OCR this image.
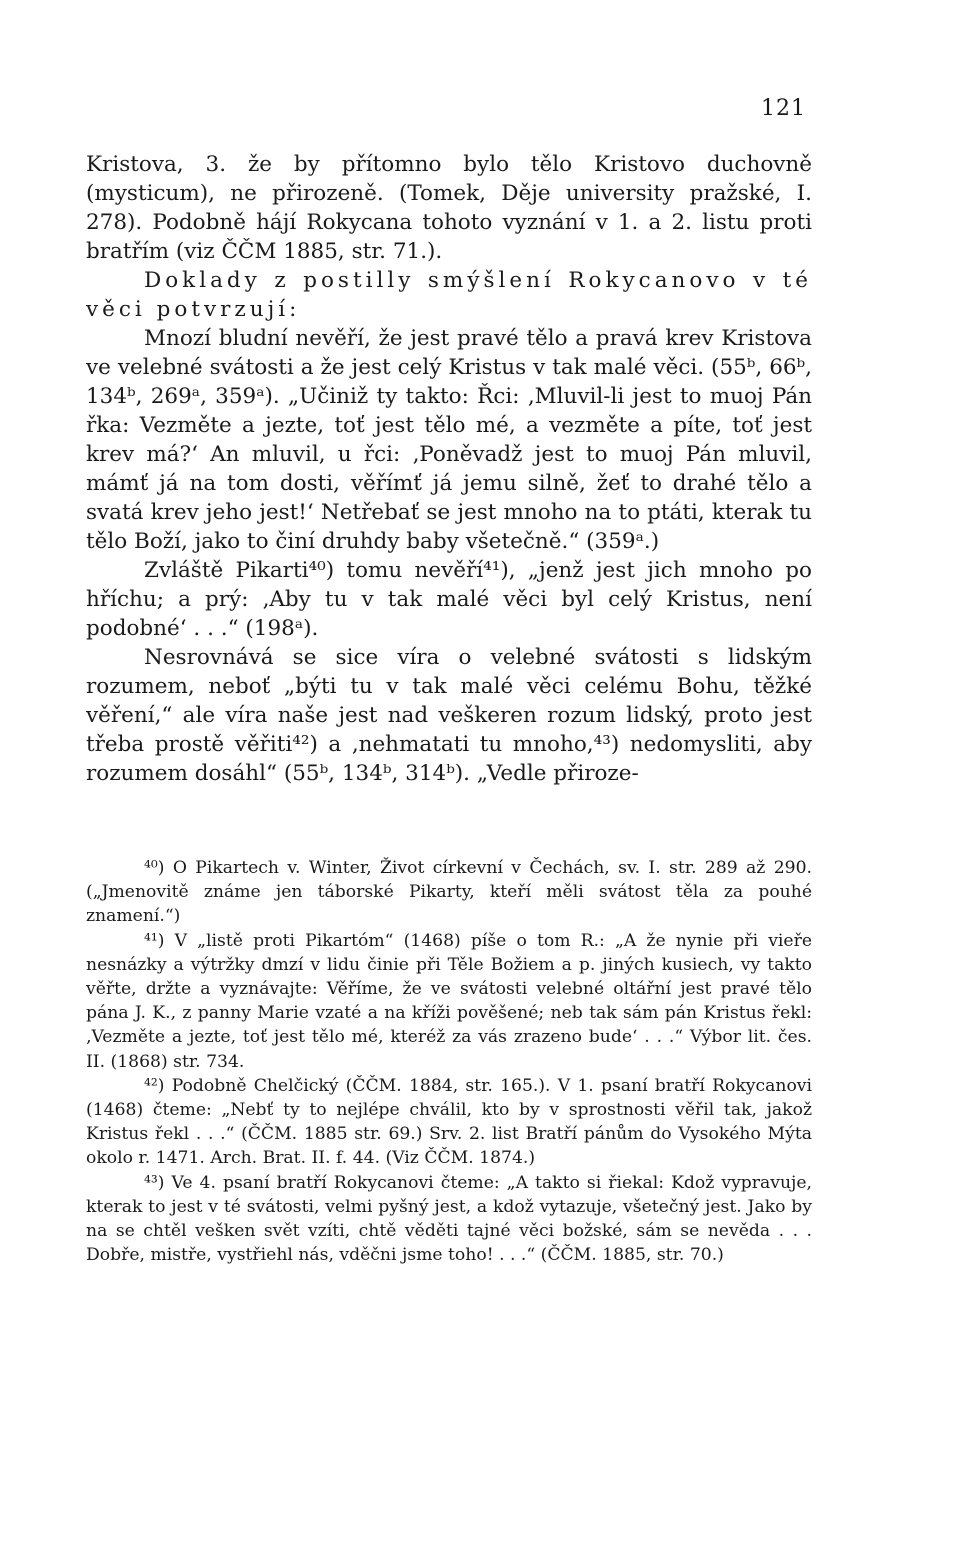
121

Kristova, 3. že by přítomno bylo tělo Kristovo duchovně (mysticum), ne přirozeně. (Tomek, Děje university pražské, I. 278). Podobně hájí Rokycana tohoto vyznání v 1. a 2. listu proti bratřím (viz ČČM 1885, str. 71.).

Doklady z postilly smýšlení Rokycanovo v té věci potvrzují:

Mnozí bludní nevěří, že jest pravé tělo a pravá krev Kristova ve velebné svátosti a že jest celý Kristus v tak malé věci. (55ᵇ, 66ᵇ, 134ᵇ, 269ᵃ, 359ᵃ). „Učiniž ty takto: Řci: ‚Mluvil-li jest to muoj Pán řka: Vezměte a jezte, toť jest tělo mé, a vezměte a píte, toť jest krev má?‘ An mluvil, u řci: ‚Poněvadž jest to muoj Pán mluvil, mámť já na tom dosti, věřímť já jemu silně, žeť to drahé tělo a svatá krev jeho jest!‘ Netřebať se jest mnoho na to ptáti, kterak tu tělo Boží, jako to činí druhdy baby všetečně.“ (359ᵃ.)

Zvláště Pikarti⁴⁰) tomu nevěří⁴¹), „jenž jest jich mnoho po hříchu; a prý: ‚Aby tu v tak malé věci byl celý Kristus, není podobné‘ . . .“ (198ᵃ).

Nesrovnává se sice víra o velebné svátosti s lidským rozumem, neboť „býti tu v tak malé věci celému Bohu, těžké věření,“ ale víra naše jest nad veškeren rozum lidský, proto jest třeba prostě věřiti⁴²) a ‚nehmatati tu mnoho,⁴³) nedomysliti, aby rozumem dosáhl“ (55ᵇ, 134ᵇ, 314ᵇ). „Vedle přiroze-

⁴⁰) O Pikartech v. Winter, Život církevní v Čechách, sv. I. str. 289 až 290. („Jmenovitě známe jen táborské Pikarty, kteří měli svátost těla za pouhé znamení.“)

⁴¹) V „listě proti Pikartóm“ (1468) píše o tom R.: „A že nynie při vieře nesnázky a výtržky dmzí v lidu činie při Těle Božiem a p. jiných kusiech, vy takto věřte, držte a vyznávajte: Věříme, že ve svátosti velebné oltářní jest pravé tělo pána J. K., z panny Marie vzaté a na kříži pověšené; neb tak sám pán Kristus řekl: ‚Vezměte a jezte, toť jest tělo mé, kteréž za vás zrazeno bude‘ . . .“ Výbor lit. čes. II. (1868) str. 734.

⁴²) Podobně Chelčický (ČČM. 1884, str. 165.). V 1. psaní bratří Rokycanovi (1468) čteme: „Nebť ty to nejlépe chválil, kto by v sprostnosti věřil tak, jakož Kristus řekl . . .“ (ČČM. 1885 str. 69.) Srv. 2. list Bratří pánům do Vysokého Mýta okolo r. 1471. Arch. Brat. II. f. 44. (Viz ČČM. 1874.)

⁴³) Ve 4. psaní bratří Rokycanovi čteme: „A takto si řiekal: Kdož vypravuje, kterak to jest v té svátosti, velmi pyšný jest, a kdož vytazuje, všetečný jest. Jako by na se chtěl vešken svět vzíti, chtě věděti tajné věci božské, sám se nevěda . . . Dobře, mistře, vystřiehl nás, vděčni jsme toho! . . .“ (ČČM. 1885, str. 70.)
